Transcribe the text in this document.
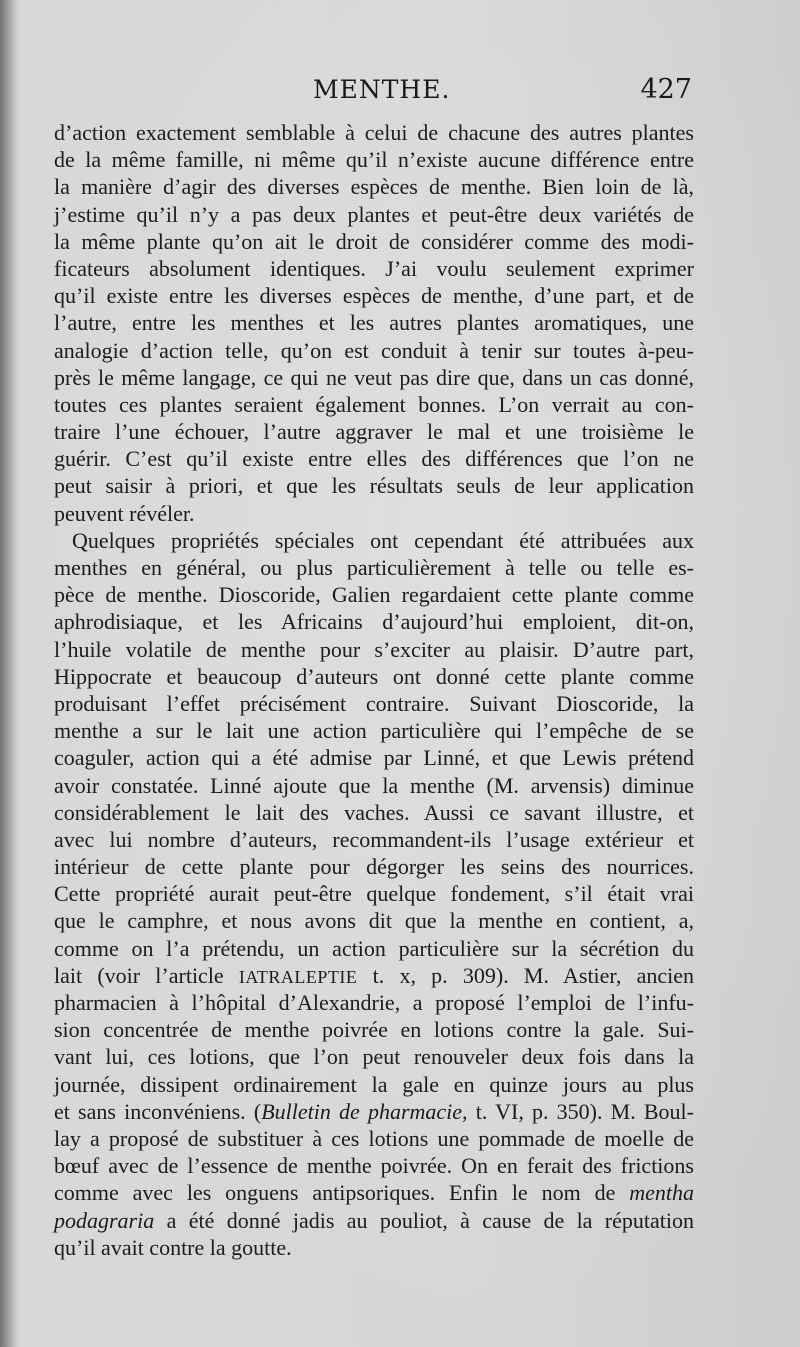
MENTHE.	427
d’action exactement semblable à celui de chacune des autres plantes
de la même famille, ni même qu’il n’existe aucune différence entre
la manière d’agir des diverses espèces de menthe. Bien loin de là,
j’estime qu’il n’y a pas deux plantes et peut-être deux variétés de
la même plante qu’on ait le droit de considérer comme des modi-
ficateurs absolument identiques. J’ai voulu seulement exprimer
qu’il existe entre les diverses espèces de menthe, d’une part, et de
l’autre, entre les menthes et les autres plantes aromatiques, une
analogie d’action telle, qu’on est conduit à tenir sur toutes à-peu-
près le même langage, ce qui ne veut pas dire que, dans un cas donné,
toutes ces plantes seraient également bonnes. L’on verrait au con-
traire l’une échouer, l’autre aggraver le mal et une troisième le
guérir. C’est qu’il existe entre elles des différences que l’on ne
peut saisir à priori, et que les résultats seuls de leur application
peuvent révéler.
Quelques propriétés spéciales ont cependant été attribuées aux
menthes en général, ou plus particulièrement à telle ou telle es-
pèce de menthe. Dioscoride, Galien regardaient cette plante comme
aphrodisiaque, et les Africains d’aujourd’hui emploient, dit-on,
l’huile volatile de menthe pour s’exciter au plaisir. D’autre part,
Hippocrate et beaucoup d’auteurs ont donné cette plante comme
produisant l’effet précisément contraire. Suivant Dioscoride, la
menthe a sur le lait une action particulière qui l’empêche de se
coaguler, action qui a été admise par Linné, et que Lewis prétend
avoir constatée. Linné ajoute que la menthe (M. arvensis) diminue
considérablement le lait des vaches. Aussi ce savant illustre, et
avec lui nombre d’auteurs, recommandent-ils l’usage extérieur et
intérieur de cette plante pour dégorger les seins des nourrices.
Cette propriété aurait peut-être quelque fondement, s’il était vrai
que le camphre, et nous avons dit que la menthe en contient, a,
comme on l’a prétendu, un action particulière sur la sécrétion du
lait (voir l’article IATRALEPTIE t. x, p. 309). M. Astier, ancien
pharmacien à l’hôpital d’Alexandrie, a proposé l’emploi de l’infu-
sion concentrée de menthe poivrée en lotions contre la gale. Sui-
vant lui, ces lotions, que l’on peut renouveler deux fois dans la
journée, dissipent ordinairement la gale en quinze jours au plus
et sans inconvéniens. (Bulletin de pharmacie, t. VI, p. 350). M. Boul-
lay a proposé de substituer à ces lotions une pommade de moelle de
bœuf avec de l’essence de menthe poivrée. On en ferait des frictions
comme avec les onguens antipsoriques. Enfin le nom de mentha
podagraria a été donné jadis au pouliot, à cause de la réputation
qu’il avait contre la goutte.
